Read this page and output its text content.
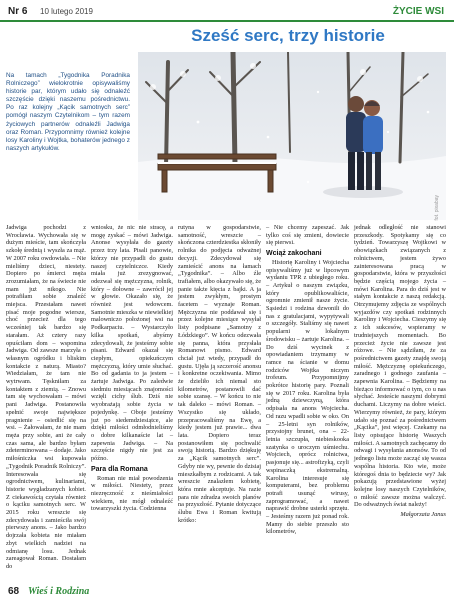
Nr 6 10 lutego 2019	ŻYCIE WSI
Sześć serc, trzy historie
Na tamach „Tygodnika Poradnika Rolniczego” wielokrotnie opisywaliśmy historie par, którym udało się odnaleźć szczęście dzięki naszemu pośrednictwu. Po raz kolejny „Kącik samotnych serc” pomógł naszym Czytelnikom – tym razem życiowych partnerów odnaleźli Jadwiga oraz Roman. Przypomnimy również kolejne losy Karoliny i Wojtka, bohaterów jednego z naszych artykułów.
fot. pixabay

Jadwiga pochodzi z Wrocławia. Wychowała się w dużym mieście, tam skończyła szkołę średnią i wyszła za mąż. W 2007 roku owdowiała. – Nie mieliśmy dzieci, niestety. Dopiero po śmierci męża zrozumiałam, że na świecie nie mam już nikogo. Nie potrafiłam sobie znaleźć miejsca. Przestałam nawet pisać moje pogodne wiersze, choć przecież dla tego wcześniej tak bardzo się starałam. Aż cztery razy opuściłam dom – wspomina Jadwiga. Od zawsze marzyła o własnym ogródku i bliskim kontakcie z naturą. Miasto? Wiedziałam, że tam nie wytrwam. Tęskniłam za kontaktem z ziemią. – Znowu tam się wychowałam – mówi pani Jadwiga. Postanowiła spełnić swoje największe pragnienie – osiedlić się na wsi. – Żałowałam, że nie mam męża przy sobie, ani że cały czas sama, ale bardzo byłam zdeterminowana – dodaje. Jako miłośniczka wsi kupowała „Tygodnik Poradnik Rolniczy”. Interesowała się ogrodnictwem, kulinariami, historie wygładzanych kobiet. Z ciekawością czytała również o kąciku samotnych serc. W 2015 roku wreszcie się zdecydowała i zamieściła swój pierwszy anons. – Jako bardzo dojrzała kobieta nie miałam zbyt wielkich nadziei na odmianę losu. Jednak zareagował Roman. Dostałam do

wniosku, że nic nie stracę, a mogę zyskać – mówi Jadwiga. Anonse wysyłała do gazety przez trzy lata. Pisali panowie, którzy nie przypadli do gustu naszej czytelniczce. Kiedy miała już zrezygnować, odezwał się mężczyzna, rolnik, który – dołowne – zawrócił jej w głowie. Okazało się, że również jest wdowcem. Samotnie mieszka w niewielkiej malowniczo położonej wsi na Podkarpaciu. – Wystarczyło kilka spotkań, abyśmy zdecydowali, że jesteśmy sobie pisani. Edward okazał się ciepłym, opiekuńczym mężczyzną, który umie słuchać. Bo od gadania to ja jestem – żartuje Jadwiga. Po zaledwie siedmiu miesiącach znajomości wzięli cichy ślub. Dziś nie wyobrażają sobie życia w pojedynkę. – Oboje jesteśmy już po siedemdziesiątce, ale dzięki miłości odmłodnieliśmy o dobre kilkanaście lat – zapewnia Jadwiga. – Na szczęście nigdy nie jest za późno.

Para dla Romana

Roman nie miał powodzenia w miłości. Niestety, przez niezręczność z nieśmiałości wiekiem, nie mógł odnaleźć towarzyszki życia. Codzienna

rutyna w gospodarstwie, samotność, wreszcie – skończona czterdziestka skłoniły rolnika do podjęcia odważnej decyzji. Zdecydował się zamieścić anons na łamach „Tygodnika”. – Albo źle trafiałem, albo okazywało się, że panie także kięcia z bajki. A ja jestem zwykłym, prostym facetem – wyznaje Roman. Mężczyzna nie poddawał się i przez kolejne miesiące wysyłał listy podpisane „Samotny z Łódzkiego”. W końcu odezwała się panna, która przysłała Romanowi pismo. Edward chciał już wtedy, przypadł do gustu. Ujęła ją szczerość anonsu i konkretne oczekiwania. Mimo że dzieliło ich niemal sto kilometrów, postanowili dać sobie szansę. – W końcu to nie tak daleko – mówi Roman. – Wszystko się układo, przepracowaliśmy na Ewę, a kiedy jestem już prawie... dwa lata. Dopiero teraz postanowiłem się pochwalić swoją historią. Bardzo dziękuję za „Kącik samotnych serc”. Gdyby nie wy, pewnie do dzisiaj mieszkałbym z rodzicami. A tak wreszcie znalazłem kobietę, która mnie akceptuje. Na razie para nie zdradza swoich planów na przyszłość. Pytanie dotyczące ślubu Ewa i Roman kwitują krótko:

– Nie chcemy zapeszać. Jak tylko coś się zmieni, dowiecie się pierwsi.

Wciąż zakochani

Historię Karoliny i Wojciecha opisywaliśmy już w lipcowym wydaniu TPR z ubiegłego roku. – Artykuł o naszym związku, który opublikowaliście, ogromnie zmienił nasze życie. Sąsiedzi i rodzina dzwonili do nas z gratulacjami, wypytywali o szczegóły. Staliśmy się nawet popularni w lokalnym środowisku – żartuje Karolina. – Do dziś wycinek z opowiadaniem trzymamy w ramce na ścianie w domu rodziców Wojtka niczym trofeum. Przypomnijmy pokrótce historię pary. Poznali się w 2017 roku. Karolina była jedną dziewczyną, która odpisała na anons Wojciecha. Od razu wpadli sobie w oko. On – 25-letni syn rolników, przystojny brunet, ona – 22-letnia szczupła, niebieskooka szatynka o uroczym uśmiechu. Wojciech, oprócz rolnictwa, pasjonuje się... astrofizyką, czyli wspinaczką ekstremalną. Karolina interesuje się komputerami, bez problemu potrafi usunąć wirusy, zaprogramować, a nawet naprawić drobne usterki sprzętu. – Jesteśmy razem już ponad rok. Mamy do siebie przeszło sto kilometrów,

jednak odległość nie stanowi przeszkody. Spotykamy się co tydzień. Towarzyszę Wojtkowi w obowiązkach związanych z rolnictwem, jestem żywo zainteresowana pracą w gospodarstwie, która w przyszłości będzie częścią mojego życia – mówi Karolina. Para do dziś jest w stałym kontakcie z naszą redakcją. Otrzymujemy zdjęcia ze wspólnych wyjazdów czy spotkań rodzinnych Karoliny i Wojciecha. Cieszymy się z ich sukcesów, wspieramy w trudniejszych momentach. Bo przecież życie nie zawsze jest różowe. – Nie sądziłam, że za pośrednictwem gazety znajdę swoją miłość. Mężczyznę opiekuńczego, zaradnego i godnego zaufania – zapewnia Karolina. – Będziemy na bieżąco informować o tym, co u nas słychać. Jesteście naszymi dobrymi duchami. Liczymy na dobre wieści. Wierzymy również, że pary, którym udało się poznać za pośrednictwem „Kącika”, jest więcej. Czekamy na listy opisujące historię Waszych miłości. A samotnych zachęcamy do odwagi i wysyłania anonsów. To od jednego listu może zacząć się wasza wspólna historia. Kto wie, może któregoś dnia to będziecie wy? Jak pokazują przedstawione wyżej kolejne losy naszych Czytelników, o miłość zawsze można walczyć. Do odważnych świat należy!

Małgorzata Janus
68 Wieś i Rodzina
